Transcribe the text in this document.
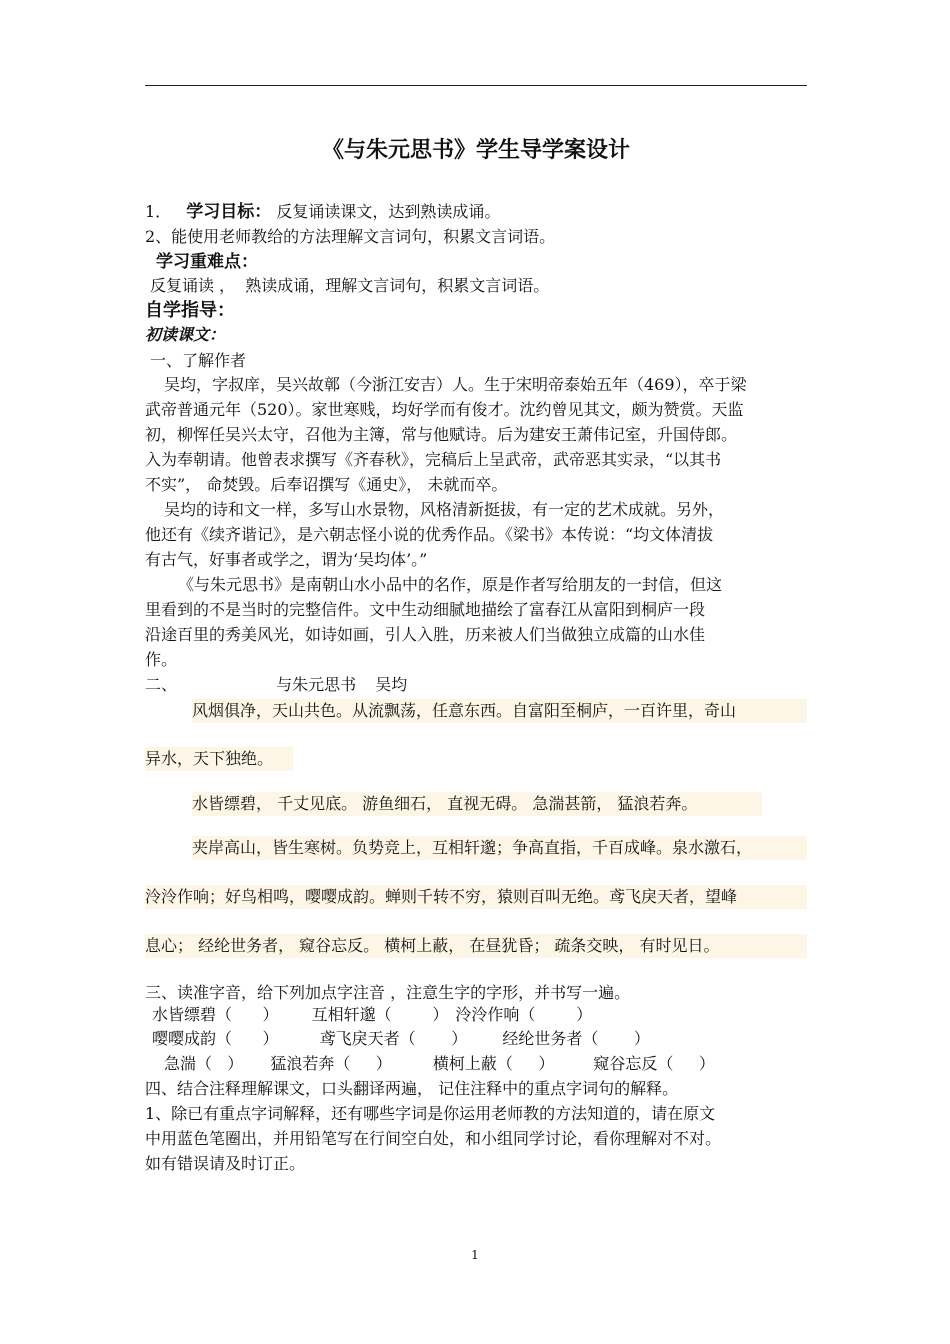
《与朱元思书》学生导学案设计
1． 学习目标： 反复诵读课文，达到熟读成诵。
2、能使用老师教给的方法理解文言词句，积累文言词语。
学习重难点：
反复诵读 ，  熟读成诵，理解文言词句，积累文言词语。
自学指导：
初读课文：
一、了解作者
吴均，字叔庠，吴兴故鄣（今浙江安吉）人。生于宋明帝泰始五年（469），卒于梁
武帝普通元年（520）。家世寒贱，均好学而有俊才。沈约曾见其文，颇为赞赏。天监
初，柳恽任吴兴太守，召他为主簿，常与他赋诗。后为建安王萧伟记室，升国侍郎。
入为奉朝请。他曾表求撰写《齐春秋》，完稿后上呈武帝，武帝恶其实录，“以其书
不实”， 命焚毁。后奉诏撰写《通史》， 未就而卒。
吴均的诗和文一样，多写山水景物，风格清新挺拔，有一定的艺术成就。另外，
他还有《续齐谐记》，是六朝志怪小说的优秀作品。《梁书》本传说：“均文体清拔
有古气，好事者或学之，谓为‘吴均体’。”
《与朱元思书》是南朝山水小品中的名作，原是作者写给朋友的一封信，但这
里看到的不是当时的完整信件。文中生动细腻地描绘了富春江从富阳到桐庐一段
沿途百里的秀美风光，如诗如画，引人入胜，历来被人们当做独立成篇的山水佳
作。
二、	与朱元思书 吴均
风烟俱净，天山共色。从流飘荡，任意东西。自富阳至桐庐，一百许里，奇山
异水，天下独绝。
水皆缥碧， 千丈见底。 游鱼细石， 直视无碍。 急湍甚箭， 猛浪若奔。
夹岸高山，皆生寒树。负势竞上，互相轩邈；争高直指，千百成峰。泉水激石，
泠泠作响；好鸟相鸣，嘤嘤成韵。蝉则千转不穷，猿则百叫无绝。鸢飞戾天者，望峰
息心； 经纶世务者， 窥谷忘反。 横柯上蔽， 在昼犹昏； 疏条交映， 有时见日。
三、读准字音，给下列加点字注音 ，注意生字的字形，并书写一遍。
水皆缥碧（      ） 互相轩邈（        ） 泠泠作响（        ）
嘤嘤成韵（      ）	鸢飞戾天者（       ） 经纶世务者（       ）
急湍（   ） 猛浪若奔（     ）	横柯上蔽（     ） 窥谷忘反（     ）
四、结合注释理解课文，口头翻译两遍， 记住注释中的重点字词句的解释。
1、除已有重点字词解释，还有哪些字词是你运用老师教的方法知道的，请在原文
中用蓝色笔圈出，并用铅笔写在行间空白处，和小组同学讨论，看你理解对不对。
如有错误请及时订正。
1
